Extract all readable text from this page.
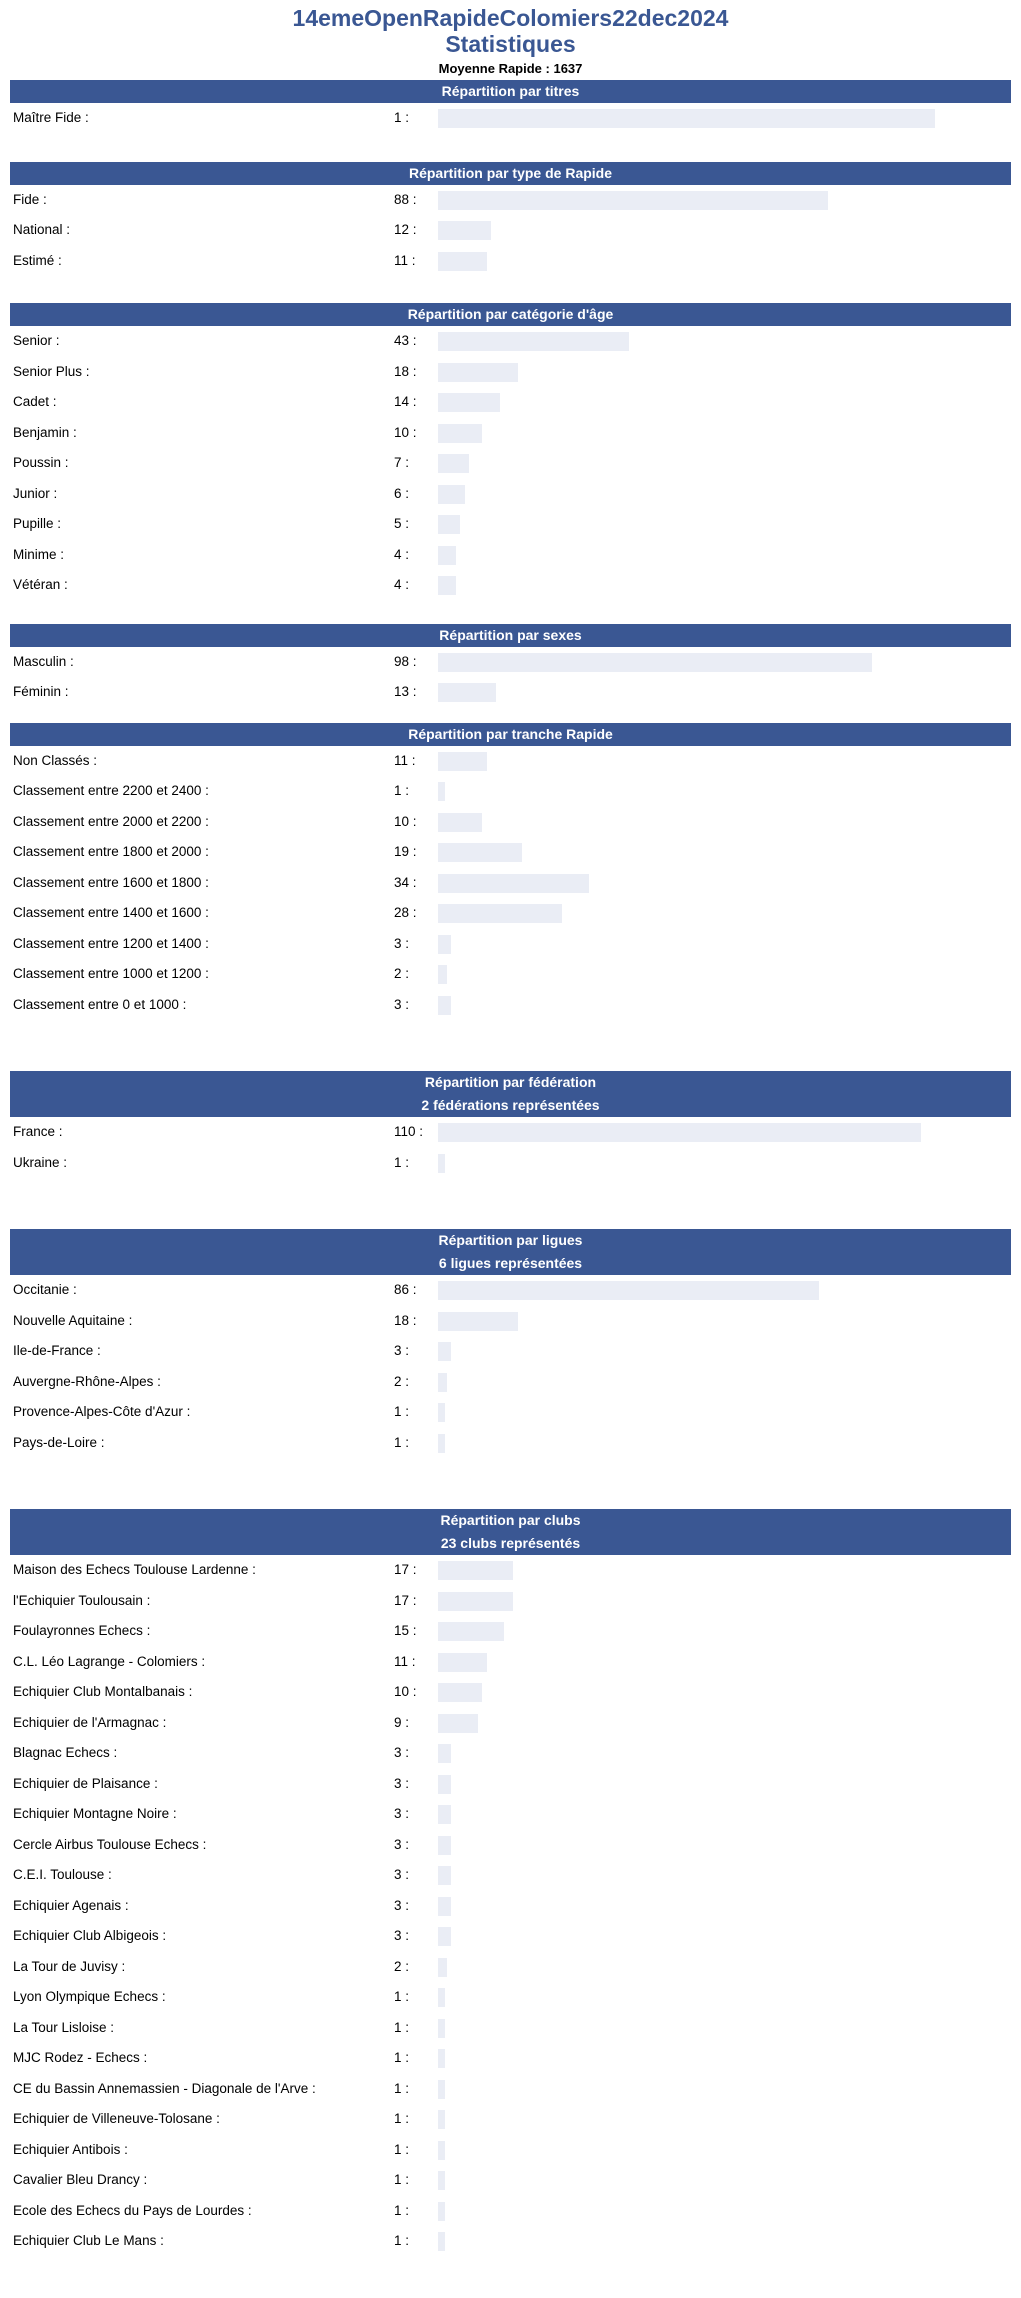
14emeOpenRapideColomiers22dec2024
Statistiques
Moyenne Rapide : 1637
Répartition par titres
Maître Fide :	1 :
Répartition par type de Rapide
Fide :	88 :
National :	12 :
Estimé :	11 :
Répartition par catégorie d'âge
Senior :	43 :
Senior Plus :	18 :
Cadet :	14 :
Benjamin :	10 :
Poussin :	7 :
Junior :	6 :
Pupille :	5 :
Minime :	4 :
Vétéran :	4 :
Répartition par sexes
Masculin :	98 :
Féminin :	13 :
Répartition par tranche Rapide
Non Classés :	11 :
Classement entre 2200 et 2400 :	1 :
Classement entre 2000 et 2200 :	10 :
Classement entre 1800 et 2000 :	19 :
Classement entre 1600 et 1800 :	34 :
Classement entre 1400 et 1600 :	28 :
Classement entre 1200 et 1400 :	3 :
Classement entre 1000 et 1200 :	2 :
Classement entre 0 et 1000 :	3 :
Répartition par fédération
2 fédérations représentées
France :	110 :
Ukraine :	1 :
Répartition par ligues
6 ligues représentées
Occitanie :	86 :
Nouvelle Aquitaine :	18 :
Ile-de-France :	3 :
Auvergne-Rhône-Alpes :	2 :
Provence-Alpes-Côte d'Azur :	1 :
Pays-de-Loire :	1 :
Répartition par clubs
23 clubs représentés
Maison des Echecs Toulouse Lardenne :	17 :
l'Echiquier Toulousain :	17 :
Foulayronnes Echecs :	15 :
C.L. Léo Lagrange - Colomiers :	11 :
Echiquier Club Montalbanais :	10 :
Echiquier de l'Armagnac :	9 :
Blagnac Echecs :	3 :
Echiquier de Plaisance :	3 :
Echiquier Montagne Noire :	3 :
Cercle Airbus Toulouse Echecs :	3 :
C.E.I. Toulouse :	3 :
Echiquier Agenais :	3 :
Echiquier Club Albigeois :	3 :
La Tour de Juvisy :	2 :
Lyon Olympique Echecs :	1 :
La Tour Lisloise :	1 :
MJC Rodez - Echecs :	1 :
CE du Bassin Annemassien - Diagonale de l'Arve :	1 :
Echiquier de Villeneuve-Tolosane :	1 :
Echiquier Antibois :	1 :
Cavalier Bleu Drancy :	1 :
Ecole des Echecs du Pays de Lourdes :	1 :
Echiquier Club Le Mans :	1 :
